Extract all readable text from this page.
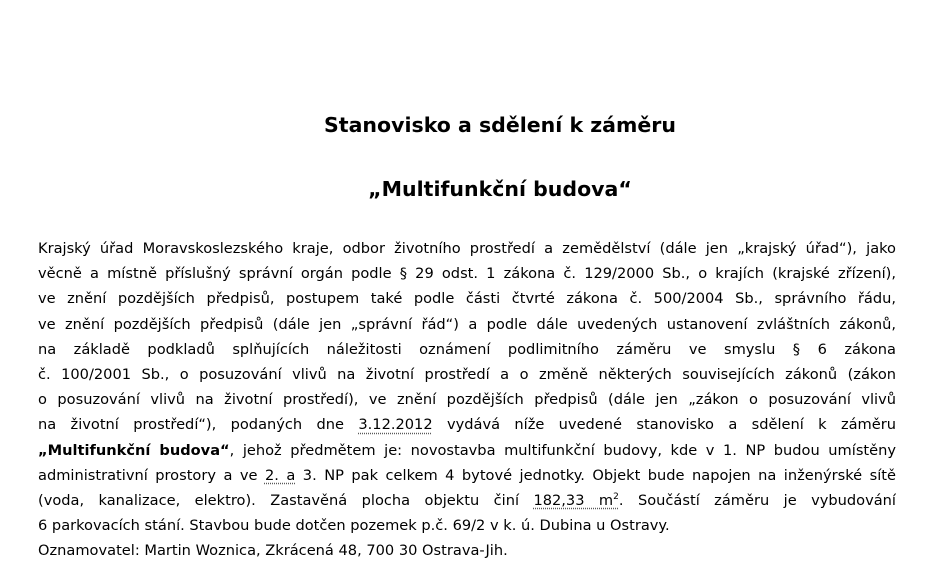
Stanovisko a sdělení k záměru
„Multifunkční budova“
Krajský úřad Moravskoslezského kraje, odbor životního prostředí a zemědělství (dále jen „krajský úřad“), jako
věcně a místně příslušný správní orgán podle § 29 odst. 1 zákona č. 129/2000 Sb., o krajích (krajské zřízení),
ve znění pozdějších předpisů, postupem také podle části čtvrté zákona č. 500/2004 Sb., správního řádu,
ve znění pozdějších předpisů (dále jen „správní řád“) a podle dále uvedených ustanovení zvláštních zákonů,
na základě podkladů splňujících náležitosti oznámení podlimitního záměru ve smyslu § 6 zákona
č. 100/2001 Sb., o posuzování vlivů na životní prostředí a o změně některých souvisejících zákonů (zákon
o posuzování vlivů na životní prostředí), ve znění pozdějších předpisů (dále jen „zákon o posuzování vlivů
na životní prostředí“), podaných dne 3.12.2012 vydává níže uvedené stanovisko a sdělení k záměru
„Multifunkční budova“, jehož předmětem je: novostavba multifunkční budovy, kde v 1. NP budou umístěny
administrativní prostory a ve 2. a 3. NP pak celkem 4 bytové jednotky. Objekt bude napojen na inženýrské sítě
(voda, kanalizace, elektro). Zastavěná plocha objektu činí 182,33 $m^2$. Součástí záměru je vybudování
6 parkovacích stání. Stavbou bude dotčen pozemek p.č. 69/2 v k. ú. Dubina u Ostravy.
Oznamovatel: Martin Woznica, Zkrácená 48, 700 30 Ostrava-Jih.
